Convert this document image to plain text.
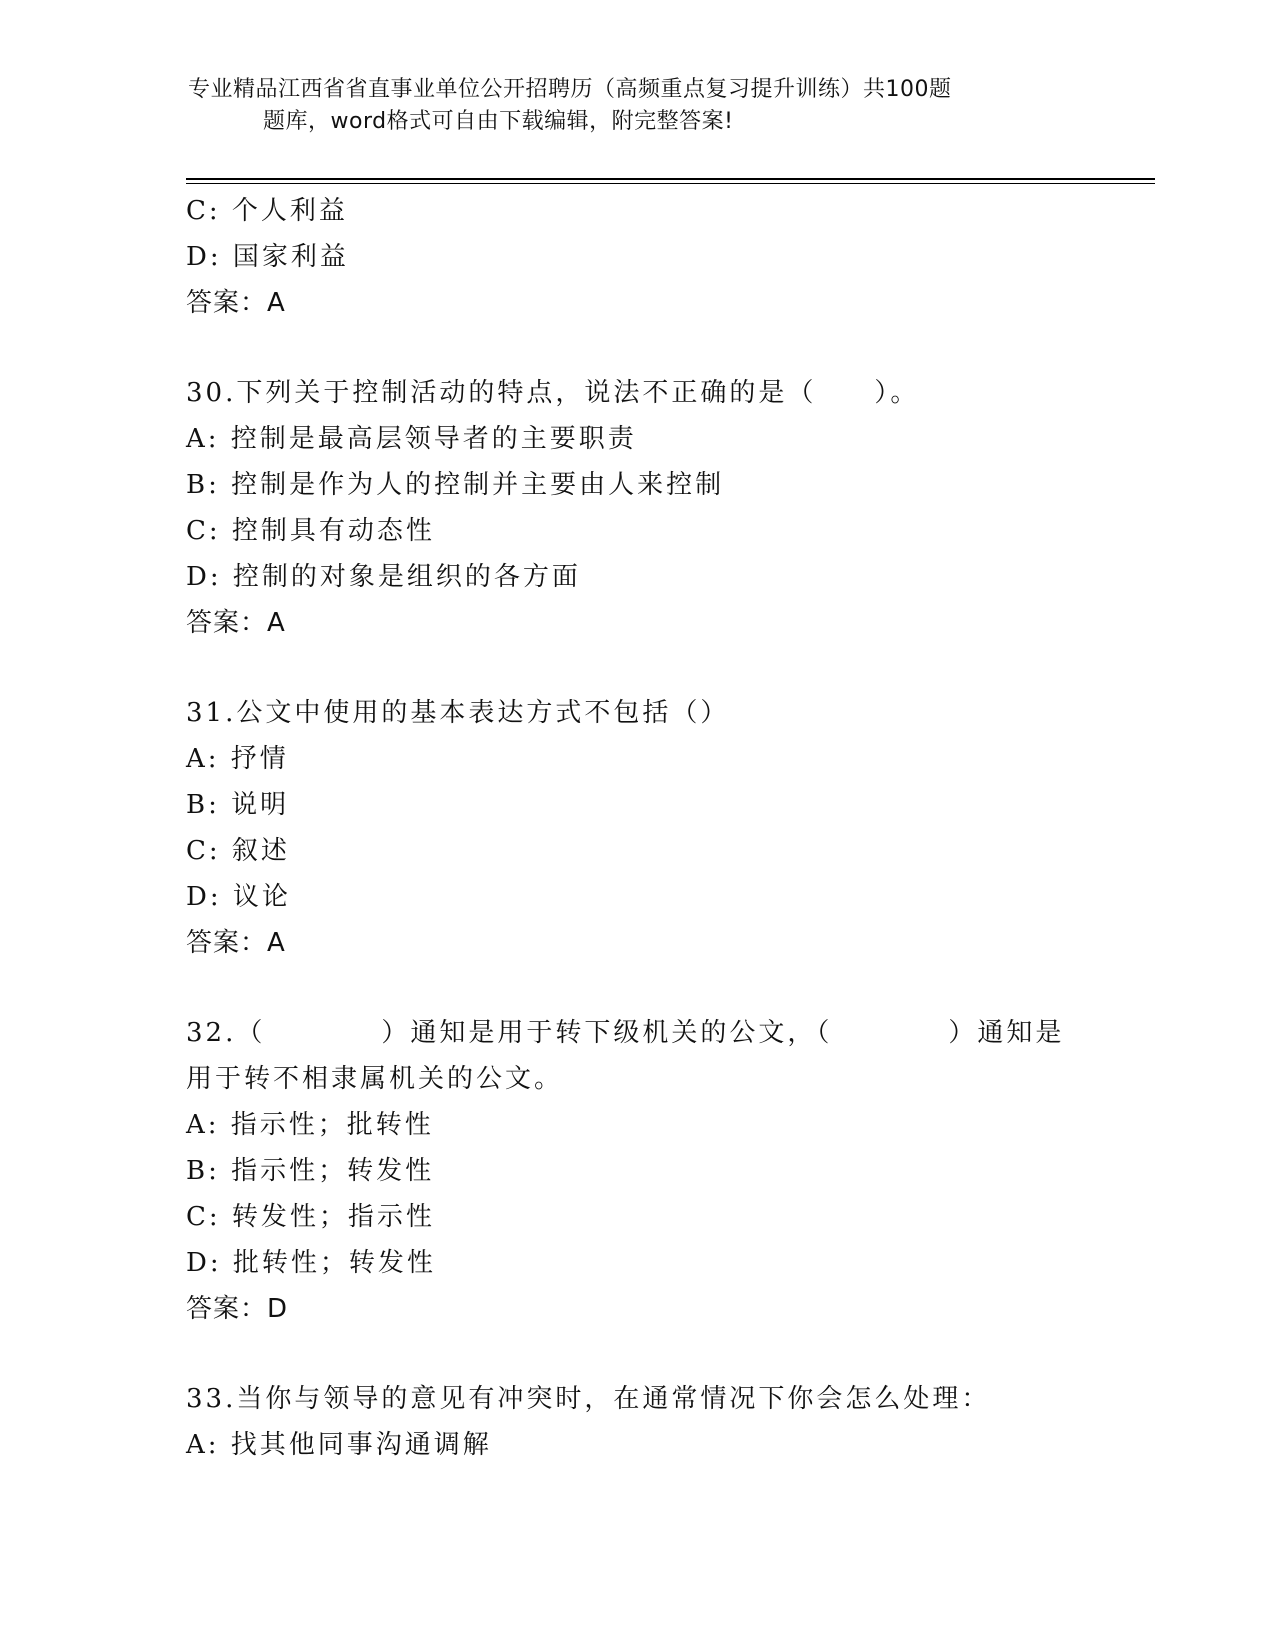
专业精品江西省省直事业单位公开招聘历（高频重点复习提升训练）共100题
题库，word格式可自由下载编辑，附完整答案!
C: 个人利益
D: 国家利益
答案：A
30.下列关于控制活动的特点，说法不正确的是（　　）。
A: 控制是最高层领导者的主要职责
B: 控制是作为人的控制并主要由人来控制
C: 控制具有动态性
D: 控制的对象是组织的各方面
答案：A
31.公文中使用的基本表达方式不包括（）
A: 抒情
B: 说明
C: 叙述
D: 议论
答案：A
32.（　　　　）通知是用于转下级机关的公文，（　　　　）通知是
用于转不相隶属机关的公文。
A: 指示性；批转性
B: 指示性；转发性
C: 转发性；指示性
D: 批转性；转发性
答案：D
33.当你与领导的意见有冲突时，在通常情况下你会怎么处理：
A: 找其他同事沟通调解
